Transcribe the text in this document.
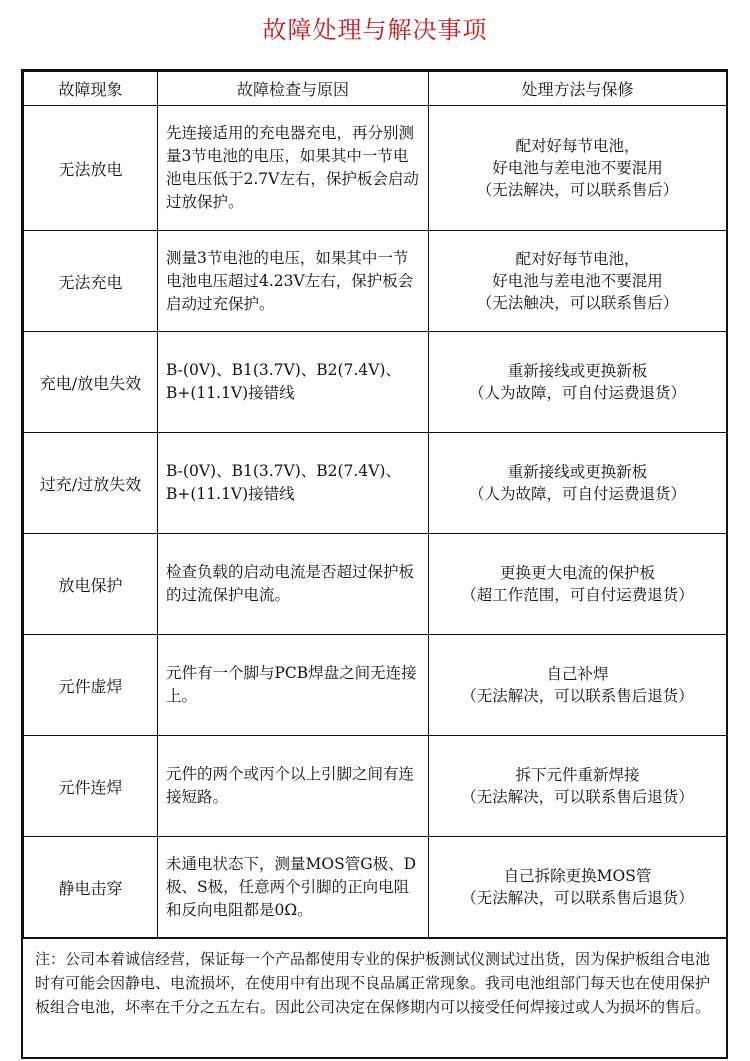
故障处理与解决事项
故障现象	故障检查与原因	处理方法与保修
无法放电	先连接适用的充电器充电，再分别测量3节电池的电压，如果其中一节电池电压低于2.7V左右，保护板会启动过放保护。	配对好每节电池，
好电池与差电池不要混用
（无法解决，可以联系售后）

无法充电	测量3节电池的电压，如果其中一节电池电压超过4.23V左右，保护板会启动过充保护。	配对好每节电池，
好电池与差电池不要混用
（无法触决，可以联系售后）

充电/放电失效	B-(0V)、B1(3.7V)、B2(7.4V)、B+(11.1V)接错线	重新接线或更换新板
（人为故障，可自付运费退货）

过充/过放失效	B-(0V)、B1(3.7V)、B2(7.4V)、B+(11.1V)接错线	重新接线或更换新板
（人为故障，可自付运费退货）

放电保护	检查负载的启动电流是否超过保护板的过流保护电流。	更换更大电流的保护板
（超工作范围，可自付运费退货）

元件虚焊	元件有一个脚与PCB焊盘之间无连接上。	自己补焊
（无法解决，可以联系售后退货）

元件连焊	元件的两个或丙个以上引脚之间有连接短路。	拆下元件重新焊接
（无法解决，可以联系售后退货）

静电击穿	未通电状态下，测量MOS管G极、D极、S极，任意两个引脚的正向电阻和反向电阻都是0Ω。	自己拆除更换MOS管
（无法解决，可以联系售后退货）
注：公司本着诚信经营，保证每一个产品都使用专业的保护板测试仪测试过出货，因为保护板组合电池时有可能会因静电、电流损坏，在使用中有出现不良品属正常现象。我司电池组部门每天也在使用保护板组合电池，坏率在千分之五左右。因此公司决定在保修期内可以接受任何焊接过或人为损坏的售后。
